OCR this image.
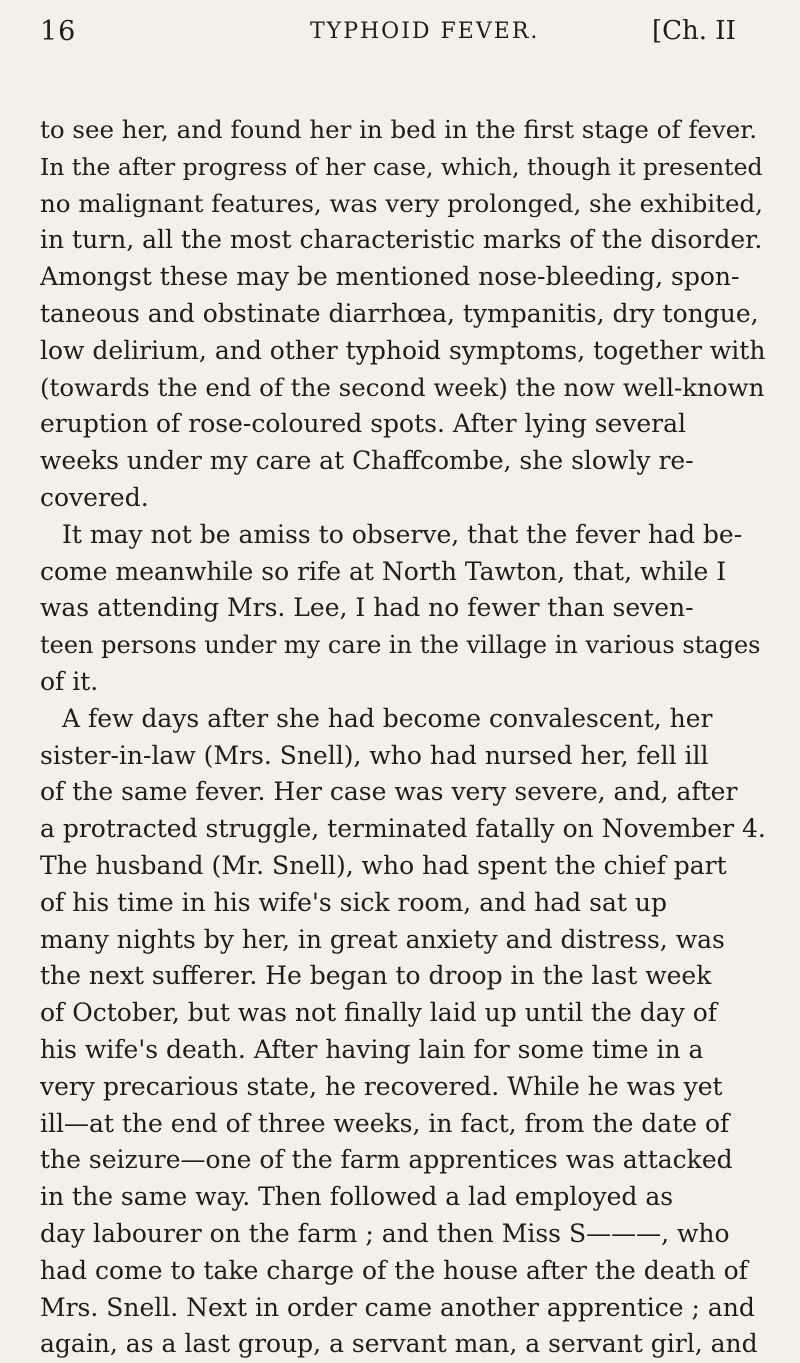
16	TYPHOID FEVER.	[Ch. II
to see her, and found her in bed in the first stage of fever.
In the after progress of her case, which, though it presented
no malignant features, was very prolonged, she exhibited,
in turn, all the most characteristic marks of the disorder.
Amongst these may be mentioned nose-bleeding, spon-
taneous and obstinate diarrhœa, tympanitis, dry tongue,
low delirium, and other typhoid symptoms, together with
(towards the end of the second week) the now well-known
eruption of rose-coloured spots. After lying several
weeks under my care at Chaffcombe, she slowly re-
covered.
It may not be amiss to observe, that the fever had be-
come meanwhile so rife at North Tawton, that, while I
was attending Mrs. Lee, I had no fewer than seven-
teen persons under my care in the village in various stages
of it.
A few days after she had become convalescent, her
sister-in-law (Mrs. Snell), who had nursed her, fell ill
of the same fever. Her case was very severe, and, after
a protracted struggle, terminated fatally on November 4.
The husband (Mr. Snell), who had spent the chief part
of his time in his wife's sick room, and had sat up
many nights by her, in great anxiety and distress, was
the next sufferer. He began to droop in the last week
of October, but was not finally laid up until the day of
his wife's death. After having lain for some time in a
very precarious state, he recovered. While he was yet
ill—at the end of three weeks, in fact, from the date of
the seizure—one of the farm apprentices was attacked
in the same way. Then followed a lad employed as
day labourer on the farm ; and then Miss S———, who
had come to take charge of the house after the death of
Mrs. Snell. Next in order came another apprentice ; and
again, as a last group, a servant man, a servant girl, and
